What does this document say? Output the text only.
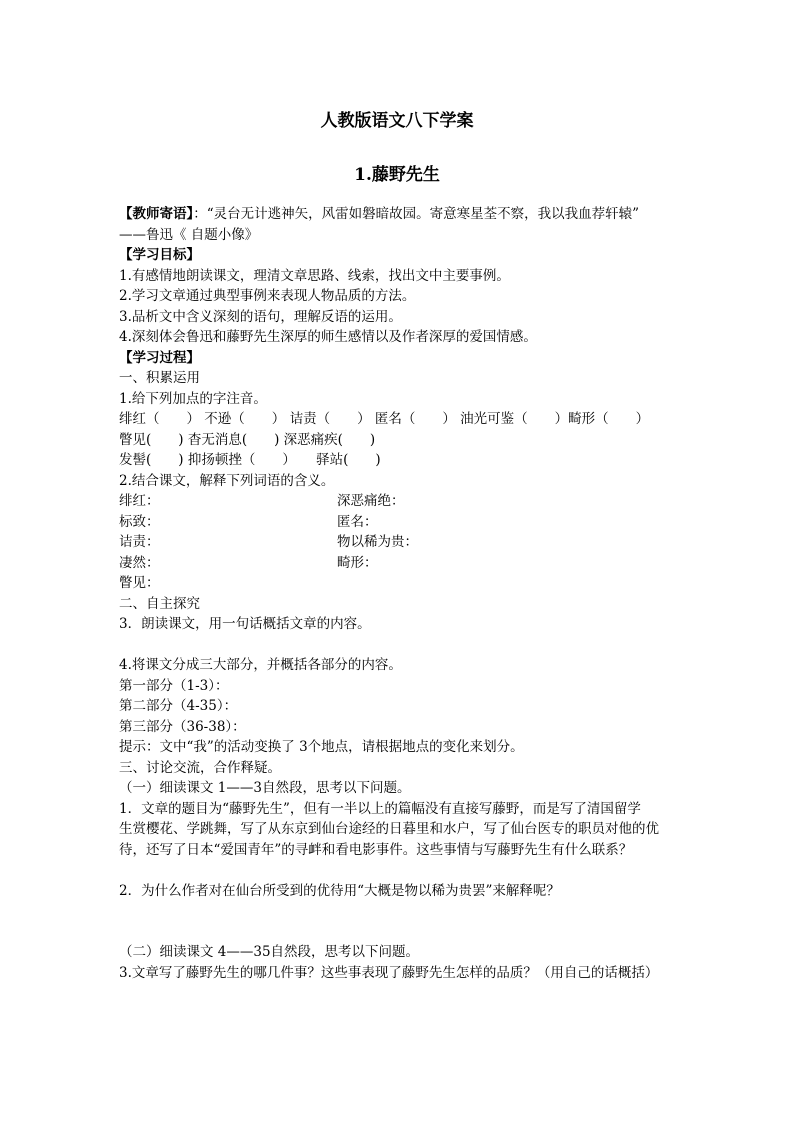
人教版语文八下学案
1.藤野先生
【教师寄语】：“灵台无计逃神矢，风雷如磐暗故园。寄意寒星荃不察，我以我血荐轩辕”
——鲁迅《 自题小像》
【学习目标】
1.有感情地朗读课文，理清文章思路、线索，找出文中主要事例。
2.学习文章通过典型事例来表现人物品质的方法。
3.品析文中含义深刻的语句，理解反语的运用。
4.深刻体会鲁迅和藤野先生深厚的师生感情以及作者深厚的爱国情感。
【学习过程】
一、积累运用
1.给下列加点的字注音。
绯红（　　） 不逊（　　） 诘责（　　） 匿名（　　） 油光可鉴（　　）畸形（　　）
瞥见(　　) 杳无消息(　　) 深恶痛疾(　　)
发髻(　　) 抑扬顿挫（　　）　　驿站(　　)
2.结合课文，解释下列词语的含义。
绯红：	深恶痛绝：
标致：	匿名：
诘责：	物以稀为贵：
凄然：	畸形：
瞥见：
二、自主探究
3．朗读课文，用一句话概括文章的内容。
4.将课文分成三大部分，并概括各部分的内容。
第一部分（1-3）：
第二部分（4-35）：
第三部分（36-38）：
提示：文中“我”的活动变换了 3个地点，请根据地点的变化来划分。
三、讨论交流，合作释疑。
（一）细读课文 1——3自然段，思考以下问题。
1．文章的题目为“藤野先生”，但有一半以上的篇幅没有直接写藤野，而是写了清国留学
生赏樱花、学跳舞，写了从东京到仙台途经的日暮里和水户，写了仙台医专的职员对他的优
待，还写了日本“爱国青年”的寻衅和看电影事件。这些事情与写藤野先生有什么联系？
2．为什么作者对在仙台所受到的优待用“大概是物以稀为贵罢”来解释呢？
（二）细读课文 4——35自然段，思考以下问题。
3.文章写了藤野先生的哪几件事？这些事表现了藤野先生怎样的品质？（用自己的话概括）
